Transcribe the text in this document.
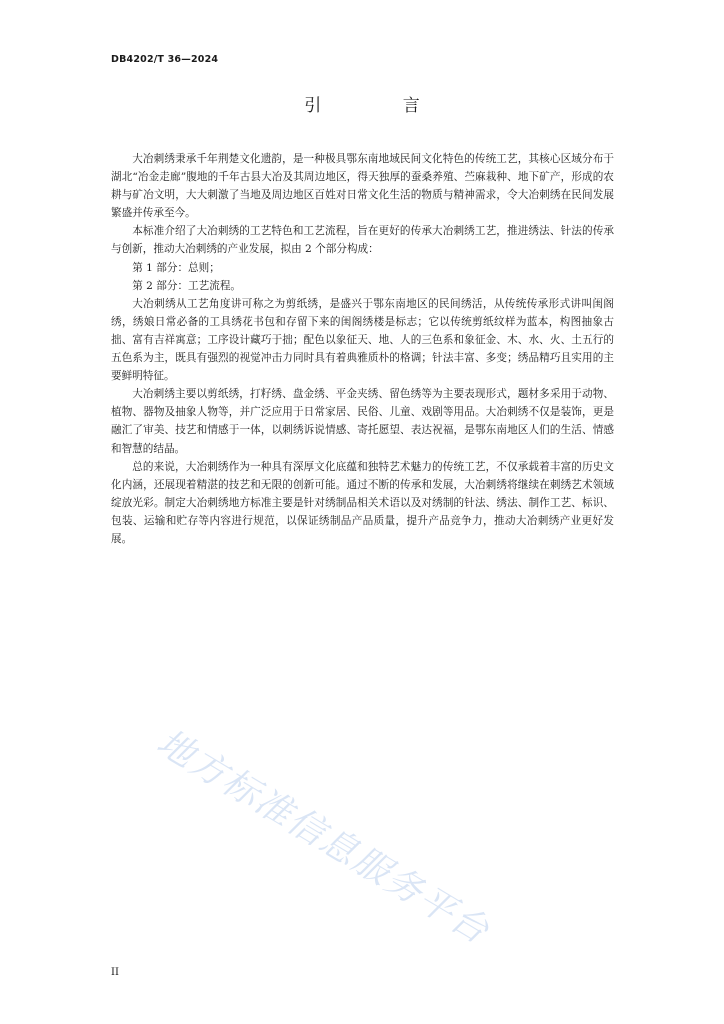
DB4202/T 36—2024
引 言

大冶刺绣秉承千年荆楚文化遗韵，是一种极具鄂东南地域民间文化特色的传统工艺，其核心区域分布于湖北“冶金走廊”腹地的千年古县大冶及其周边地区，得天独厚的蚕桑养殖、苎麻栽种、地下矿产，形成的农耕与矿冶文明，大大刺激了当地及周边地区百姓对日常文化生活的物质与精神需求，令大冶刺绣在民间发展繁盛并传承至今。

本标准介绍了大冶刺绣的工艺特色和工艺流程，旨在更好的传承大冶刺绣工艺，推进绣法、针法的传承与创新，推动大冶刺绣的产业发展，拟由 2 个部分构成：

第 1 部分：总则；

第 2 部分：工艺流程。

大冶刺绣从工艺角度讲可称之为剪纸绣，是盛兴于鄂东南地区的民间绣活，从传统传承形式讲叫闺阁绣，绣娘日常必备的工具绣花书包和存留下来的闺阁绣楼是标志；它以传统剪纸纹样为蓝本，构图抽象古拙、富有吉祥寓意；工序设计藏巧于拙；配色以象征天、地、人的三色系和象征金、木、水、火、土五行的五色系为主，既具有强烈的视觉冲击力同时具有着典雅质朴的格调；针法丰富、多变；绣品精巧且实用的主要鲜明特征。

大冶刺绣主要以剪纸绣，打籽绣、盘金绣、平金夹绣、留色绣等为主要表现形式，题材多采用于动物、植物、器物及抽象人物等，并广泛应用于日常家居、民俗、儿童、戏剧等用品。大冶刺绣不仅是装饰，更是融汇了审美、技艺和情感于一体，以刺绣诉说情感、寄托愿望、表达祝福，是鄂东南地区人们的生活、情感和智慧的结晶。

总的来说，大冶刺绣作为一种具有深厚文化底蕴和独特艺术魅力的传统工艺，不仅承载着丰富的历史文化内涵，还展现着精湛的技艺和无限的创新可能。通过不断的传承和发展，大冶刺绣将继续在刺绣艺术领域绽放光彩。制定大冶刺绣地方标准主要是针对绣制品相关术语以及对绣制的针法、绣法、制作工艺、标识、包装、运输和贮存等内容进行规范，以保证绣制品产品质量，提升产品竞争力，推动大冶刺绣产业更好发展。

地方标准信息服务平台
II
